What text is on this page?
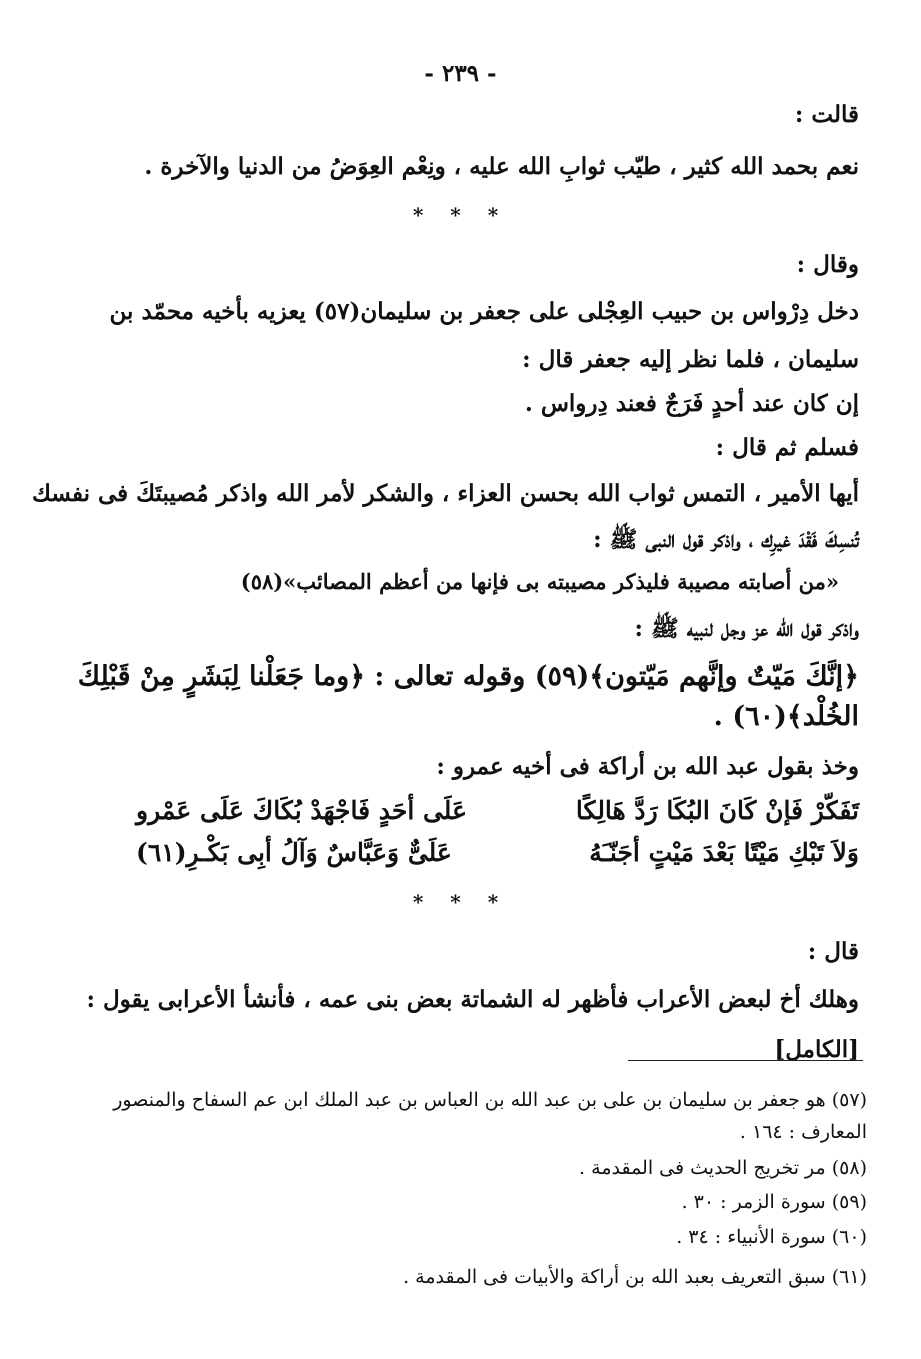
- ٢٣٩ -
قالت :
نعم بحمد الله كثير ، طيّب ثوابِ الله عليه ، ونِعْم العِوَضُ من الدنيا والآخرة .
* * *
وقال :
دخل دِرْواس بن حبيب العِجْلى على جعفر بن سليمان(٥٧) يعزيه بأخيه محمّد بن
سليمان ، فلما نظر إليه جعفر قال :
إن كان عند أحدٍ فَرَجٌ فعند دِرواس .
فسلم ثم قال :
أيها الأمير ، التمس ثواب الله بحسن العزاء ، والشكر لأمر الله واذكر مُصيبتَكَ فى نفسك
تُنسِكَ فَقْدَ غيرِك ، واذكر قول النبى ﷺ :
«من أصابته مصيبة فليذكر مصيبته بى فإنها من أعظم المصائب»(٥٨)
واذكر قول الله عز وجل لنبيه ﷺ :
﴿إنَّكَ مَيّتٌ وإنَّهم مَيّتون﴾(٥٩) وقوله تعالى : ﴿وما جَعَلْنا لِبَشَرٍ مِنْ قَبْلِكَ
الخُلْد﴾(٦٠) .
وخذ بقول عبد الله بن أراكة فى أخيه عمرو :
تَفَكّرْ فَإنْ كَانَ البُكَا رَدَّ هَالِكًا
عَلَى أحَدٍ فَاجْهَدْ بُكَاكَ عَلَى عَمْرو
وَلاَ تَبْكِ مَيْتًا بَعْدَ مَيْتٍ أجَنّـَهُ
عَلَىٌّ وَعَبَّاسٌ وَآلُ أبِى بَكْـرِ(٦١)
* * *
قال :
وهلك أخ لبعض الأعراب فأظهر له الشماتة بعض بنى عمه ، فأنشأ الأعرابى يقول :
[الكامل]
(٥٧) هو جعفر بن سليمان بن على بن عبد الله بن العباس بن عبد الملك ابن عم السفاح والمنصور
المعارف : ١٦٤ .
(٥٨) مر تخريج الحديث فى المقدمة .
(٥٩) سورة الزمر : ٣٠ .
(٦٠) سورة الأنبياء : ٣٤ .
(٦١) سبق التعريف بعبد الله بن أراكة والأبيات فى المقدمة .
